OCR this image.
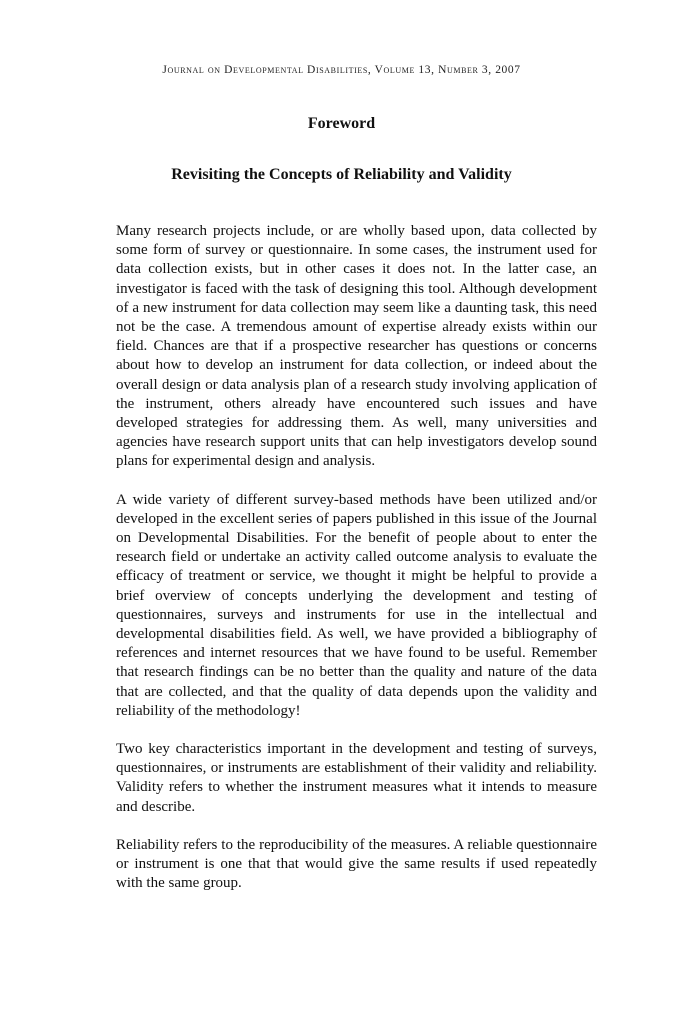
Journal on Developmental Disabilities, Volume 13, Number 3, 2007
Foreword
Revisiting the Concepts of Reliability and Validity

Many research projects include, or are wholly based upon, data collected by some form of survey or questionnaire. In some cases, the instrument used for data collection exists, but in other cases it does not. In the latter case, an investigator is faced with the task of designing this tool. Although development of a new instrument for data collection may seem like a daunting task, this need not be the case. A tremendous amount of expertise already exists within our field. Chances are that if a prospective researcher has questions or concerns about how to develop an instrument for data collection, or indeed about the overall design or data analysis plan of a research study involving application of the instrument, others already have encountered such issues and have developed strategies for addressing them. As well, many universities and agencies have research support units that can help investigators develop sound plans for experimental design and analysis.

A wide variety of different survey-based methods have been utilized and/or developed in the excellent series of papers published in this issue of the Journal on Developmental Disabilities. For the benefit of people about to enter the research field or undertake an activity called outcome analysis to evaluate the efficacy of treatment or service, we thought it might be helpful to provide a brief overview of concepts underlying the development and testing of questionnaires, surveys and instruments for use in the intellectual and developmental disabilities field. As well, we have provided a bibliography of references and internet resources that we have found to be useful. Remember that research findings can be no better than the quality and nature of the data that are collected, and that the quality of data depends upon the validity and reliability of the methodology!

Two key characteristics important in the development and testing of surveys, questionnaires, or instruments are establishment of their validity and reliability. Validity refers to whether the instrument measures what it intends to measure and describe.

Reliability refers to the reproducibility of the measures. A reliable questionnaire or instrument is one that that would give the same results if used repeatedly with the same group.
